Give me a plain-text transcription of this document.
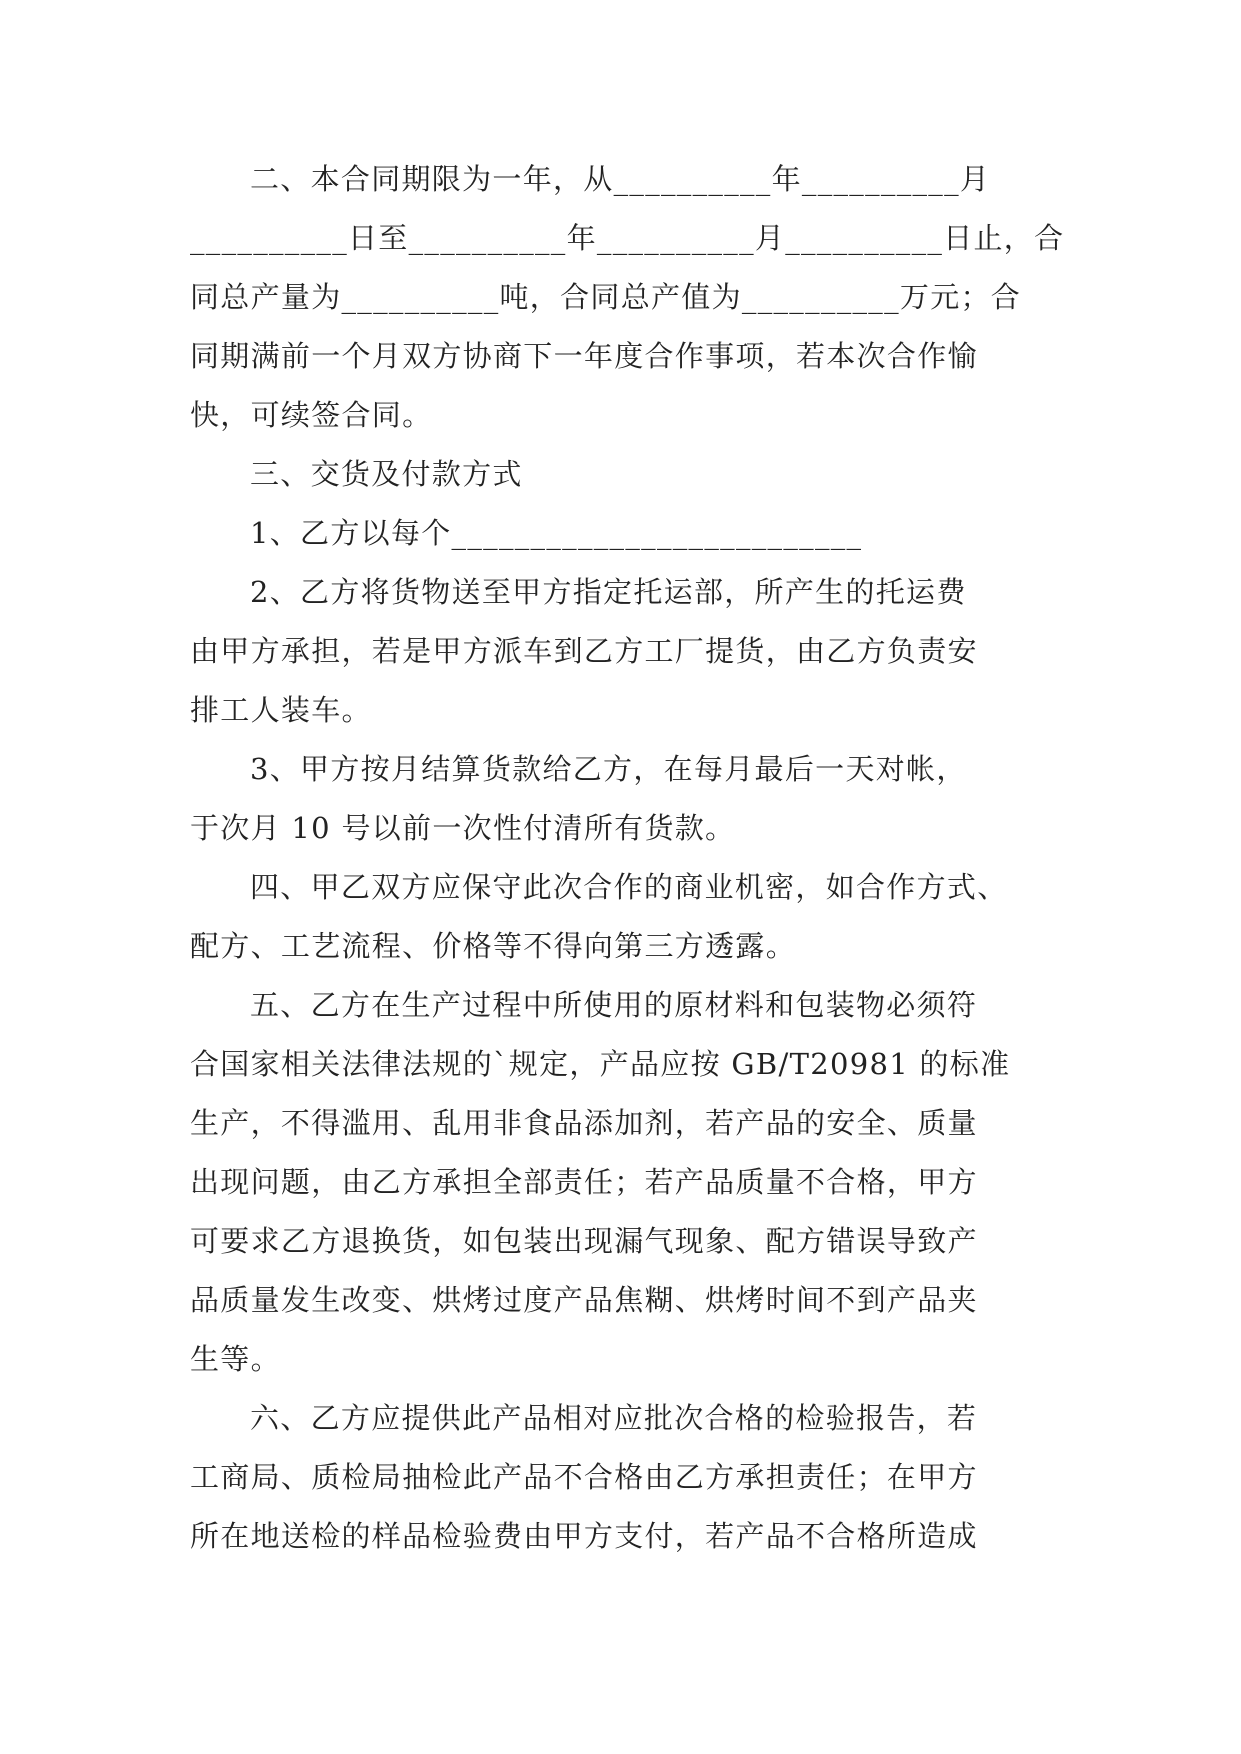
二、本合同期限为一年，从__________年__________月
__________日至__________年__________月__________日止，合
同总产量为__________吨，合同总产值为__________万元；合
同期满前一个月双方协商下一年度合作事项，若本次合作愉
快，可续签合同。
三、交货及付款方式
1、乙方以每个__________________________
2、乙方将货物送至甲方指定托运部，所产生的托运费
由甲方承担，若是甲方派车到乙方工厂提货，由乙方负责安
排工人装车。
3、甲方按月结算货款给乙方，在每月最后一天对帐，
于次月 10 号以前一次性付清所有货款。
四、甲乙双方应保守此次合作的商业机密，如合作方式、
配方、工艺流程、价格等不得向第三方透露。
五、乙方在生产过程中所使用的原材料和包装物必须符
合国家相关法律法规的`规定，产品应按 GB/T20981 的标准
生产，不得滥用、乱用非食品添加剂，若产品的安全、质量
出现问题，由乙方承担全部责任；若产品质量不合格，甲方
可要求乙方退换货，如包装出现漏气现象、配方错误导致产
品质量发生改变、烘烤过度产品焦糊、烘烤时间不到产品夹
生等。
六、乙方应提供此产品相对应批次合格的检验报告，若
工商局、质检局抽检此产品不合格由乙方承担责任；在甲方
所在地送检的样品检验费由甲方支付，若产品不合格所造成
